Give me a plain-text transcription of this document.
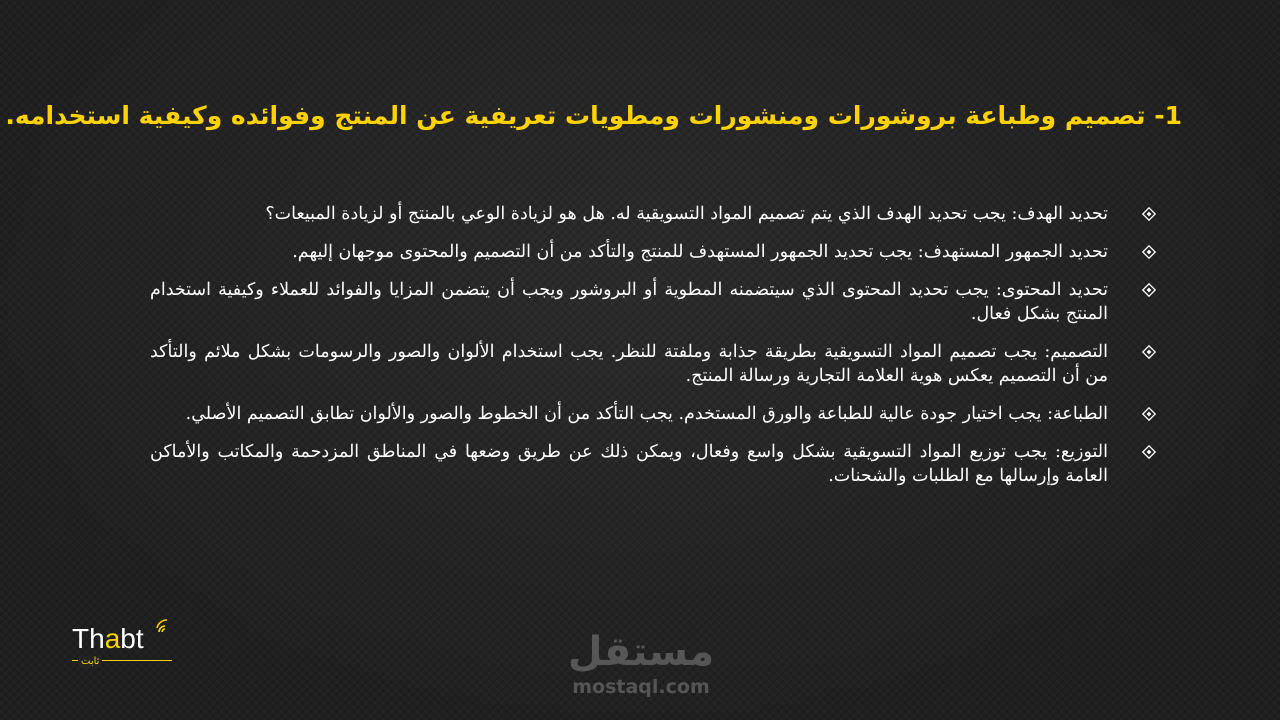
1- تصميم وطباعة بروشورات ومنشورات ومطويات تعريفية عن المنتج وفوائده وكيفية استخدامه.
تحديد الهدف: يجب تحديد الهدف الذي يتم تصميم المواد التسويقية له. هل هو لزيادة الوعي بالمنتج أو لزيادة المبيعات؟
تحديد الجمهور المستهدف: يجب تحديد الجمهور المستهدف للمنتج والتأكد من أن التصميم والمحتوى موجهان إليهم.
تحديد المحتوى: يجب تحديد المحتوى الذي سيتضمنه المطوية أو البروشور ويجب أن يتضمن المزايا والفوائد للعملاء وكيفية استخدام المنتج بشكل فعال.
التصميم: يجب تصميم المواد التسويقية بطريقة جذابة وملفتة للنظر. يجب استخدام الألوان والصور والرسومات بشكل ملائم والتأكد من أن التصميم يعكس هوية العلامة التجارية ورسالة المنتج.
الطباعة: يجب اختيار جودة عالية للطباعة والورق المستخدم. يجب التأكد من أن الخطوط والصور والألوان تطابق التصميم الأصلي.
التوزيع: يجب توزيع المواد التسويقية بشكل واسع وفعال، ويمكن ذلك عن طريق وضعها في المناطق المزدحمة والمكاتب والأماكن العامة وإرسالها مع الطلبات والشحنات.
Thabt
ثابت	مستقل
mostaql.com
